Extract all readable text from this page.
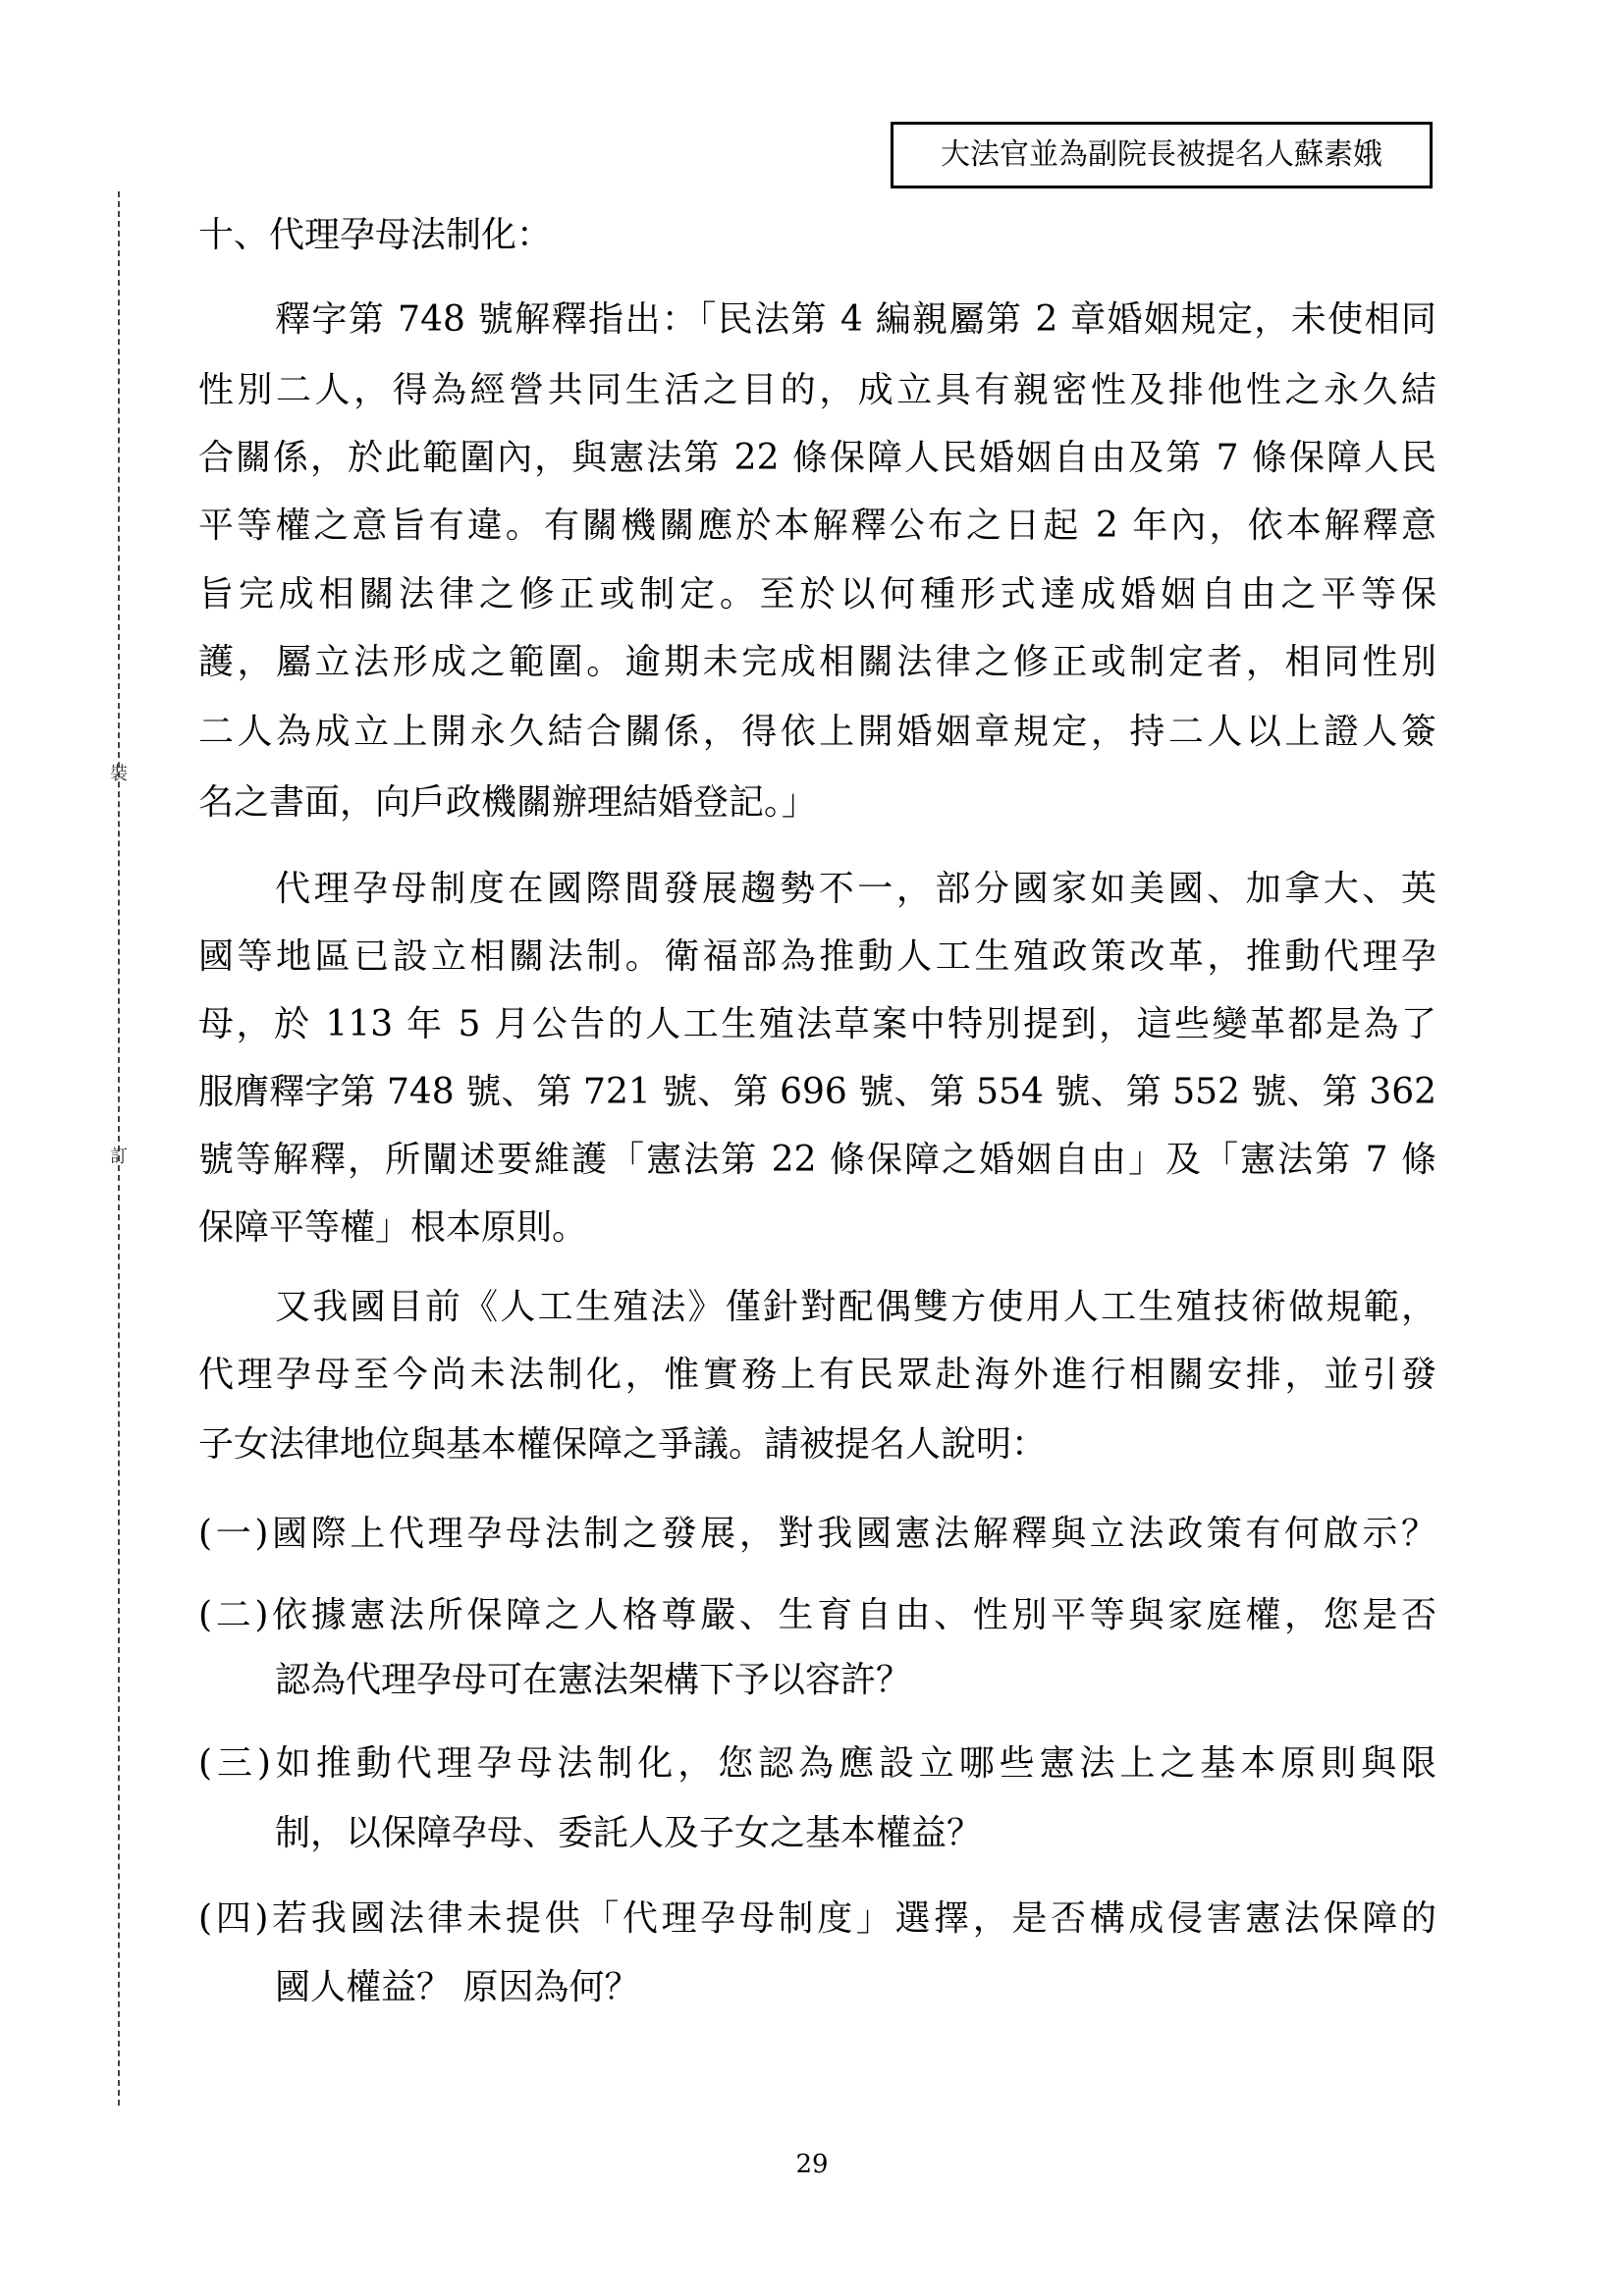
大法官並為副院長被提名人蘇素娥
裝
訂
十、代理孕母法制化：
釋字第 748 號解釋指出：「民法第 4 編親屬第 2 章婚姻規定，未使相同
性別二人，得為經營共同生活之目的，成立具有親密性及排他性之永久結
合關係，於此範圍內，與憲法第 22 條保障人民婚姻自由及第 7 條保障人民
平等權之意旨有違。有關機關應於本解釋公布之日起 2 年內，依本解釋意
旨完成相關法律之修正或制定。至於以何種形式達成婚姻自由之平等保
護，屬立法形成之範圍。逾期未完成相關法律之修正或制定者，相同性別
二人為成立上開永久結合關係，得依上開婚姻章規定，持二人以上證人簽
名之書面，向戶政機關辦理結婚登記。」
代理孕母制度在國際間發展趨勢不一，部分國家如美國、加拿大、英
國等地區已設立相關法制。衛福部為推動人工生殖政策改革，推動代理孕
母，於 113 年 5 月公告的人工生殖法草案中特別提到，這些變革都是為了
服膺釋字第 748 號、第 721 號、第 696 號、第 554 號、第 552 號、第 362
號等解釋，所闡述要維護「憲法第 22 條保障之婚姻自由」及「憲法第 7 條
保障平等權」根本原則。
又我國目前《人工生殖法》僅針對配偶雙方使用人工生殖技術做規範，
代理孕母至今尚未法制化，惟實務上有民眾赴海外進行相關安排，並引發
子女法律地位與基本權保障之爭議。請被提名人說明：
(一)國際上代理孕母法制之發展，對我國憲法解釋與立法政策有何啟示？
(二)依據憲法所保障之人格尊嚴、生育自由、性別平等與家庭權，您是否
認為代理孕母可在憲法架構下予以容許？
(三)如推動代理孕母法制化，您認為應設立哪些憲法上之基本原則與限
制，以保障孕母、委託人及子女之基本權益？
(四)若我國法律未提供「代理孕母制度」選擇，是否構成侵害憲法保障的
國人權益？ 原因為何？
29
